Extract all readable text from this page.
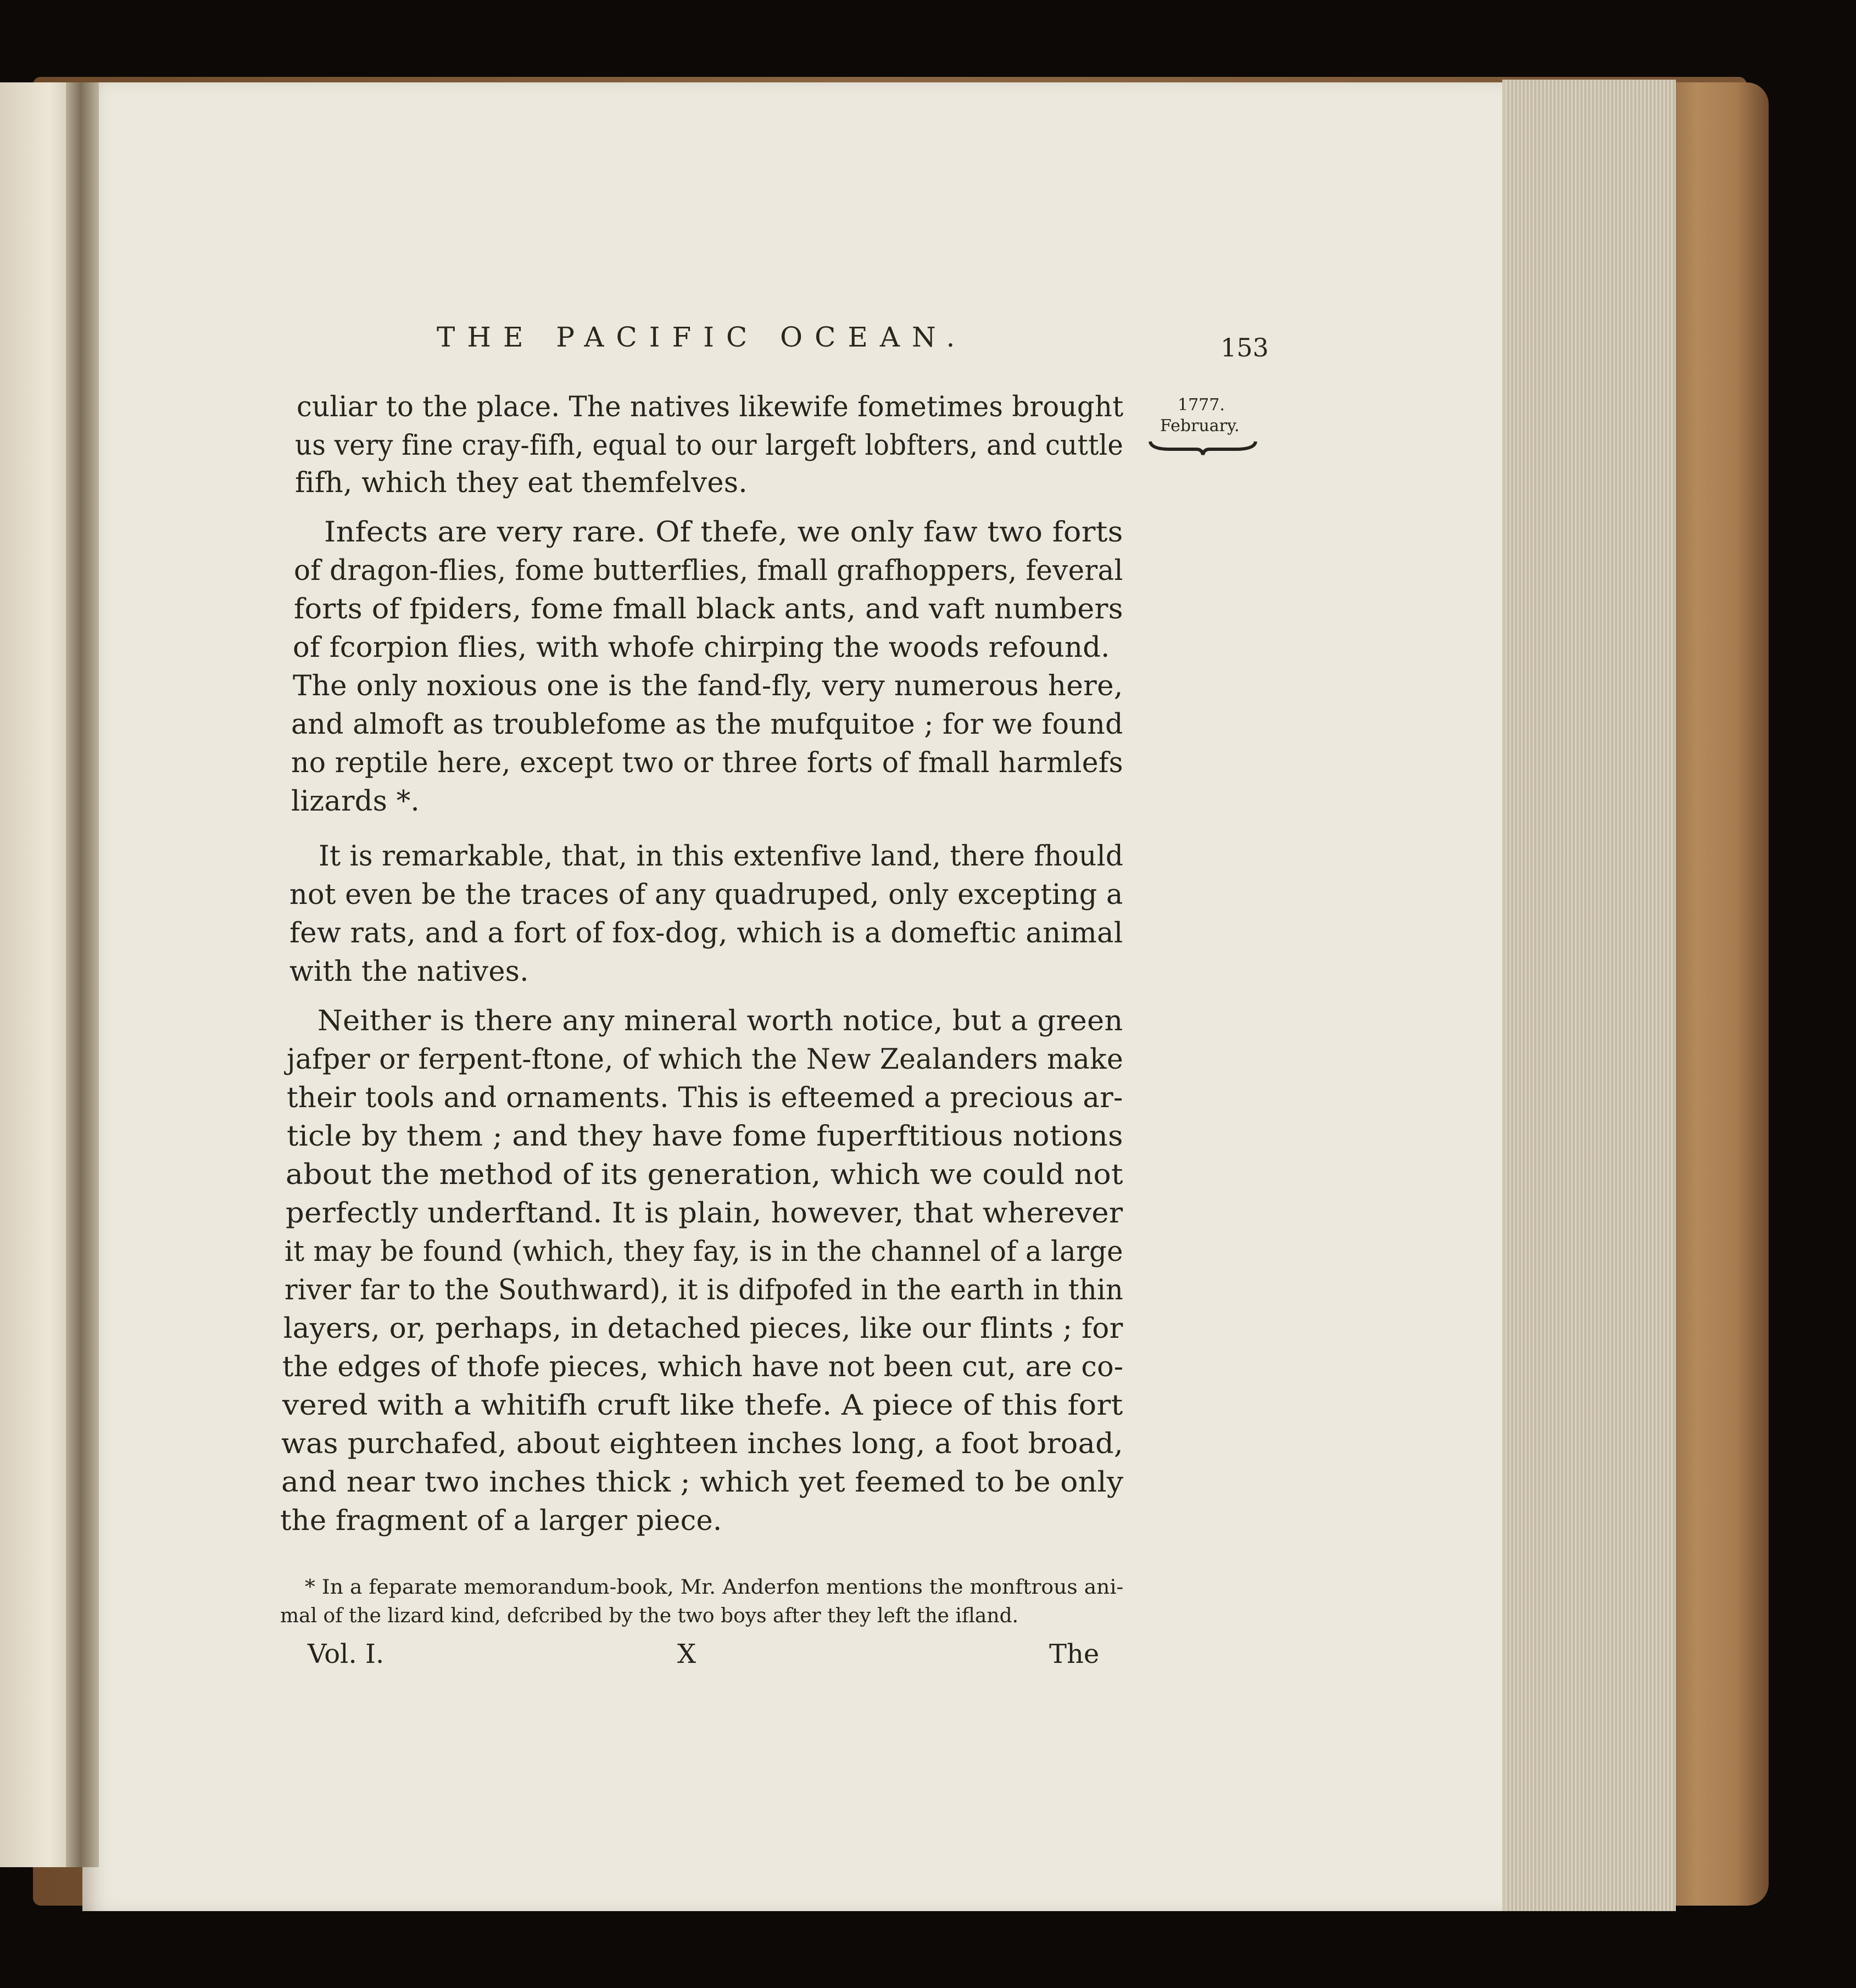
THE PACIFIC OCEAN.	153
1777.
February.
culiar to the place. The natives likewife fometimes brought
us very fine cray-fifh, equal to our largeft lobfters, and cuttle
fifh, which they eat themfelves.
Infects are very rare. Of thefe, we only faw two forts
of dragon-flies, fome butterflies, fmall grafhoppers, feveral
forts of fpiders, fome fmall black ants, and vaft numbers
of fcorpion flies, with whofe chirping the woods refound.
The only noxious one is the fand-fly, very numerous here,
and almoft as troublefome as the mufquitoe ; for we found
no reptile here, except two or three forts of fmall harmlefs
lizards *.
It is remarkable, that, in this extenfive land, there fhould
not even be the traces of any quadruped, only excepting a
few rats, and a fort of fox-dog, which is a domeftic animal
with the natives.
Neither is there any mineral worth notice, but a green
jafper or ferpent-ftone, of which the New Zealanders make
their tools and ornaments. This is efteemed a precious ar-
ticle by them ; and they have fome fuperftitious notions
about the method of its generation, which we could not
perfectly underftand. It is plain, however, that wherever
it may be found (which, they fay, is in the channel of a large
river far to the Southward), it is difpofed in the earth in thin
layers, or, perhaps, in detached pieces, like our flints ; for
the edges of thofe pieces, which have not been cut, are co-
vered with a whitifh cruft like thefe. A piece of this fort
was purchafed, about eighteen inches long, a foot broad,
and near two inches thick ; which yet feemed to be only
the fragment of a larger piece.
* In a feparate memorandum-book, Mr. Anderfon mentions the monftrous ani-
mal of the lizard kind, defcribed by the two boys after they left the ifland.
Vol. I.	X	The
